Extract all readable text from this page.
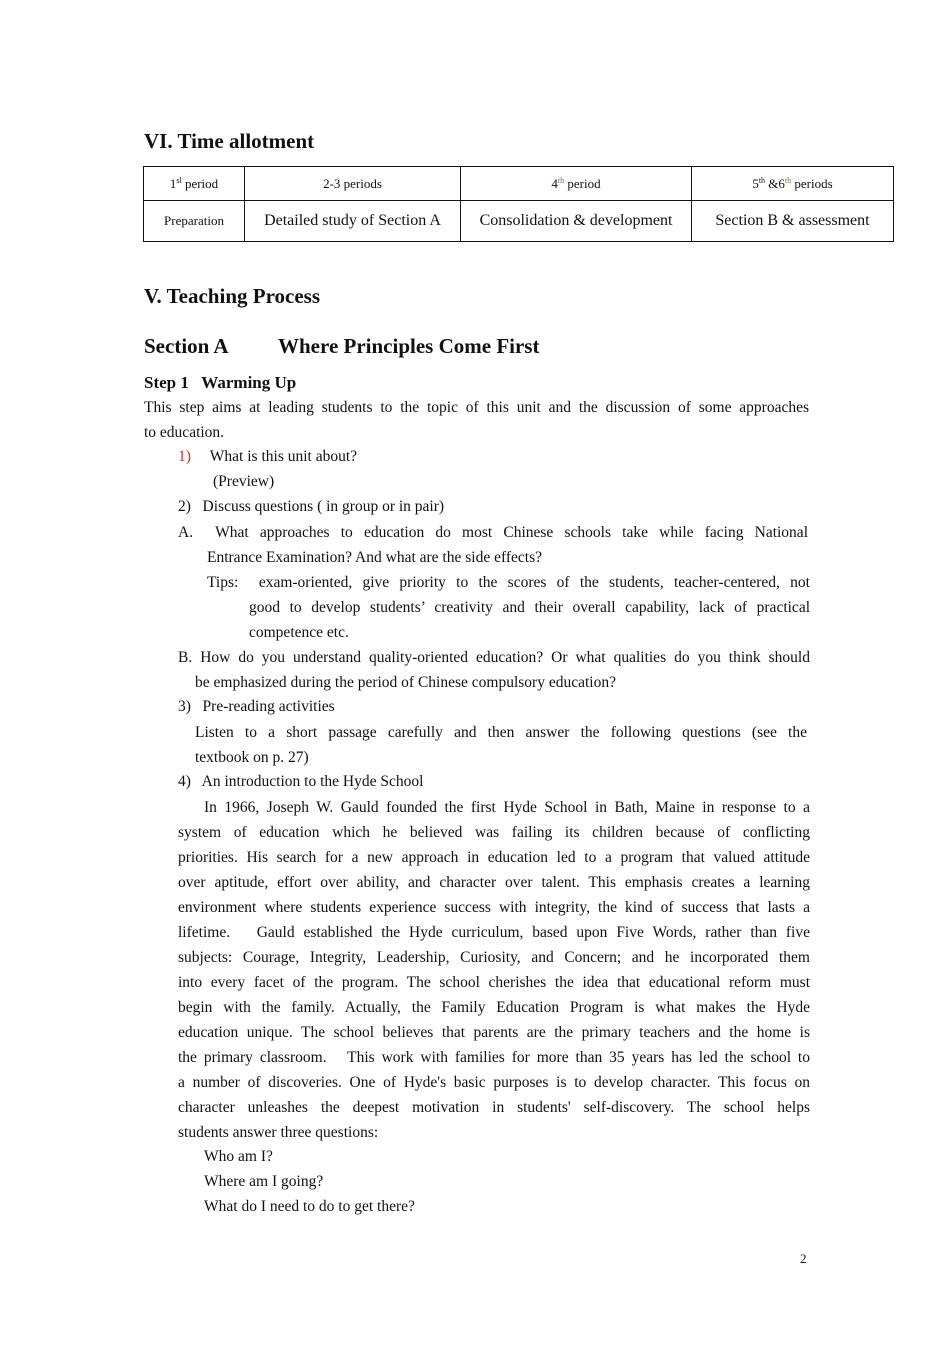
VI. Time allotment
$1^{sl}$ period	2-3 periods	4th period	5th &6th periods
Preparation	Detailed study of Section A	Consolidation & development	Section B & assessment
V. Teaching Process
Section A Where Principles Come First
Step 1   Warming Up
This step aims at leading students to the topic of this unit and the discussion of some approaches
to education.
1) What is this unit about?
(Preview)
2)   Discuss questions ( in group or in pair)
A.  What approaches to education do most Chinese schools take while facing National
Entrance Examination? And what are the side effects?
Tips:  exam-oriented, give priority to the scores of the students, teacher-centered, not
good to develop students’ creativity and their overall capability, lack of practical
competence etc.
B. How do you understand quality-oriented education? Or what qualities do you think should
be emphasized during the period of Chinese compulsory education?
3)   Pre-reading activities
Listen to a short passage carefully and then answer the following questions (see the
textbook on p. 27)
4)   An introduction to the Hyde School
In 1966, Joseph W. Gauld founded the first Hyde School in Bath, Maine in response to a
system of education which he believed was failing its children because of conflicting
priorities. His search for a new approach in education led to a program that valued attitude
over aptitude, effort over ability, and character over talent. This emphasis creates a learning
environment where students experience success with integrity, the kind of success that lasts a
lifetime.   Gauld established the Hyde curriculum, based upon Five Words, rather than five
subjects: Courage, Integrity, Leadership, Curiosity, and Concern; and he incorporated them
into every facet of the program. The school cherishes the idea that educational reform must
begin with the family. Actually, the Family Education Program is what makes the Hyde
education unique. The school believes that parents are the primary teachers and the home is
the primary classroom.   This work with families for more than 35 years has led the school to
a number of discoveries. One of Hyde's basic purposes is to develop character. This focus on
character unleashes the deepest motivation in students' self-discovery. The school helps
students answer three questions:
Who am I?
Where am I going?
What do I need to do to get there?
2
